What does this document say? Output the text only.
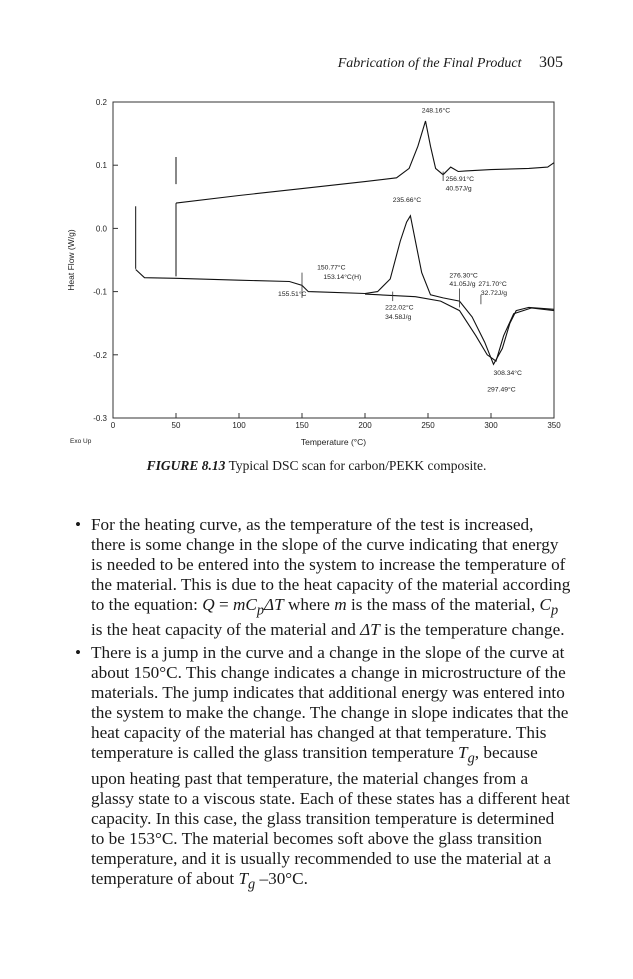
Fabrication of the Final Product 305
0	50	100	150	200	250	300	350
0.2
0.1
0.0
-0.1
-0.2
-0.3
Heat Flow (W/g)
Temperature (°C)
Exo Up
248.16°C
256.91°C
40.57J/g
235.66°C
150.77°C
153.14°C(H)
155.51°C
276.30°C
41.05J/g 271.70°C
32.72J/g
222.02°C
34.58J/g
308.34°C
297.49°C
FIGURE 8.13 Typical DSC scan for carbon/PEKK composite.
• For the heating curve, as the temperature of the test is increased, there is some change in the slope of the curve indicating that energy is needed to be entered into the system to increase the temperature of the material. This is due to the heat capacity of the material according to the equation: $Q = mC_p\Delta T$ where m is the mass of the material, $C_p$ is the heat capacity of the material and ΔT is the temperature change.
• There is a jump in the curve and a change in the slope of the curve at about 150°C. This change indicates a change in microstructure of the materials. The jump indicates that additional energy was entered into the system to make the change. The change in slope indicates that the heat capacity of the material has changed at that temperature. This temperature is called the glass transition temperature $T_g$, because upon heating past that temperature, the material changes from a glassy state to a viscous state. Each of these states has a different heat capacity. In this case, the glass transition temperature is determined to be 153°C. The material becomes soft above the glass transition temperature, and it is usually recommended to use the material at a temperature of about $T_g$ –30°C.
